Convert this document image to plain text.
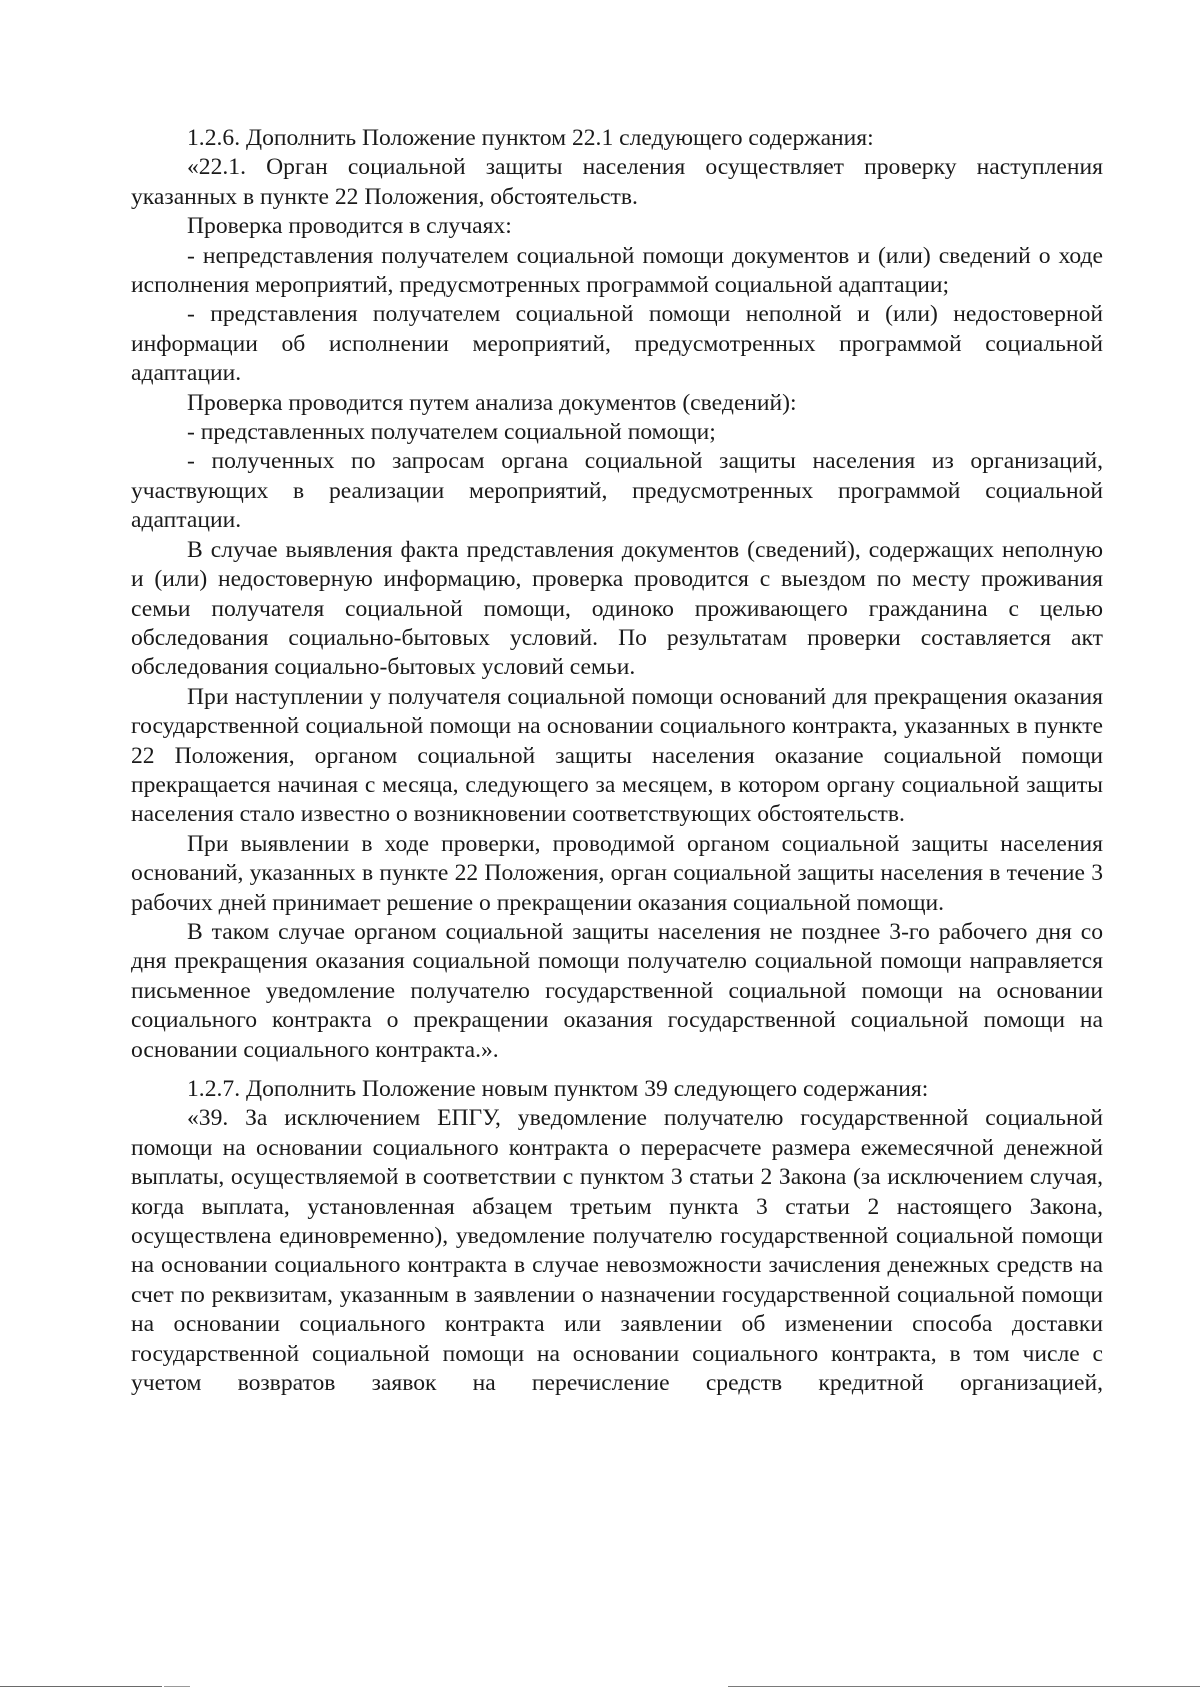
1.2.6. Дополнить Положение пунктом 22.1 следующего содержания:

«22.1. Орган социальной защиты населения осуществляет проверку наступления указанных в пункте 22 Положения, обстоятельств.

Проверка проводится в случаях:

- непредставления получателем социальной помощи документов и (или) сведений о ходе исполнения мероприятий, предусмотренных программой социальной адаптации;

- представления получателем социальной помощи неполной и (или) недостоверной информации об исполнении мероприятий, предусмотренных программой социальной адаптации.

Проверка проводится путем анализа документов (сведений):

- представленных получателем социальной помощи;

- полученных по запросам органа социальной защиты населения из организаций, участвующих в реализации мероприятий, предусмотренных программой социальной адаптации.

В случае выявления факта представления документов (сведений), содержащих неполную и (или) недостоверную информацию, проверка проводится с выездом по месту проживания семьи получателя социальной помощи, одиноко проживающего гражданина с целью обследования социально-бытовых условий. По результатам проверки составляется акт обследования социально-бытовых условий семьи.

При наступлении у получателя социальной помощи оснований для прекращения оказания государственной социальной помощи на основании социального контракта, указанных в пункте 22 Положения, органом социальной защиты населения оказание социальной помощи прекращается начиная с месяца, следующего за месяцем, в котором органу социальной защиты населения стало известно о возникновении соответствующих обстоятельств.

При выявлении в ходе проверки, проводимой органом социальной защиты населения оснований, указанных в пункте 22 Положения, орган социальной защиты населения в течение 3 рабочих дней принимает решение о прекращении оказания социальной помощи.

В таком случае органом социальной защиты населения не позднее 3-го рабочего дня со дня прекращения оказания социальной помощи получателю социальной помощи направляется письменное уведомление получателю государственной социальной помощи на основании социального контракта о прекращении оказания государственной социальной помощи на основании социального контракта.».

1.2.7. Дополнить Положение новым пунктом 39 следующего содержания:

«39. За исключением ЕПГУ, уведомление получателю государственной социальной помощи на основании социального контракта о перерасчете размера ежемесячной денежной выплаты, осуществляемой в соответствии с пунктом 3 статьи 2 Закона (за исключением случая, когда выплата, установленная абзацем третьим пункта 3 статьи 2 настоящего Закона, осуществлена единовременно), уведомление получателю государственной социальной помощи на основании социального контракта в случае невозможности зачисления денежных средств на счет по реквизитам, указанным в заявлении о назначении государственной социальной помощи на основании социального контракта или заявлении об изменении способа доставки государственной социальной помощи на основании социального контракта, в том числе с учетом возвратов заявок на перечисление средств кредитной организацией,
